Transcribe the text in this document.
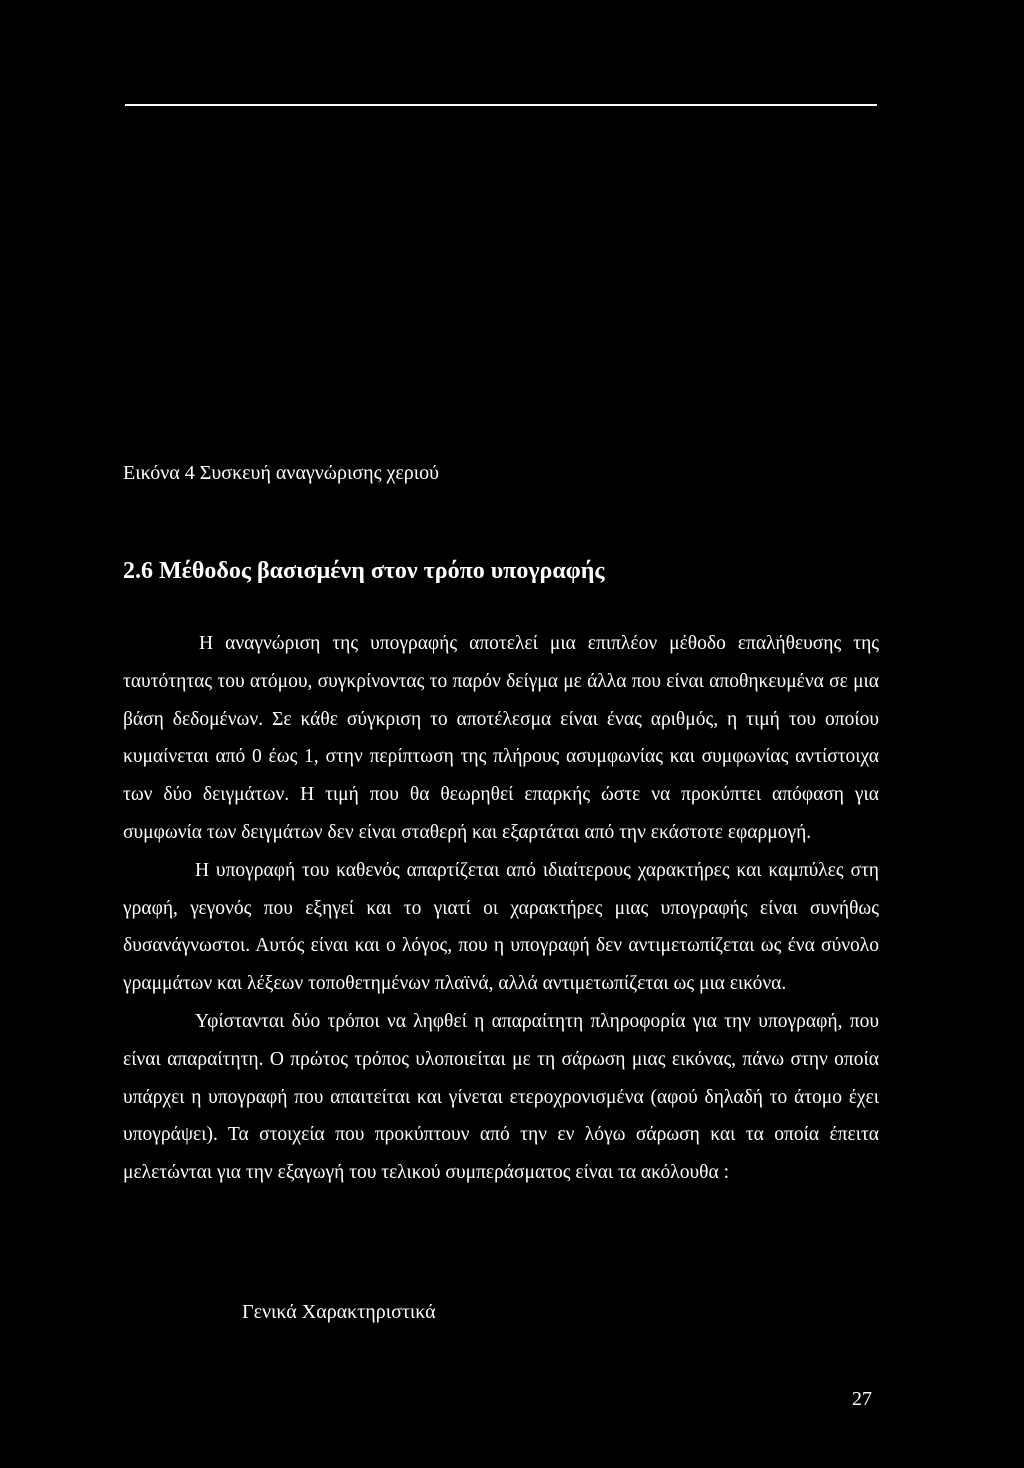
Εικόνα 4 Συσκευή αναγνώρισης χεριού
2.6 Μέθοδος βασισμένη στον τρόπο υπογραφής

Η αναγνώριση της υπογραφής αποτελεί μια επιπλέον μέθοδο επαλήθευσης της ταυτότητας του ατόμου, συγκρίνοντας το παρόν δείγμα με άλλα που είναι αποθηκευμένα σε μια βάση δεδομένων. Σε κάθε σύγκριση το αποτέλεσμα είναι ένας αριθμός, η τιμή του οποίου κυμαίνεται από 0 έως 1, στην περίπτωση της πλήρους ασυμφωνίας και συμφωνίας αντίστοιχα των δύο δειγμάτων. Η τιμή που θα θεωρηθεί επαρκής ώστε να προκύπτει απόφαση για συμφωνία των δειγμάτων δεν είναι σταθερή και εξαρτάται από την εκάστοτε εφαρμογή.

Η υπογραφή του καθενός απαρτίζεται από ιδιαίτερους χαρακτήρες και καμπύλες στη γραφή, γεγονός που εξηγεί και το γιατί οι χαρακτήρες μιας υπογραφής είναι συνήθως δυσανάγνωστοι. Αυτός είναι και ο λόγος, που η υπογραφή δεν αντιμετωπίζεται ως ένα σύνολο γραμμάτων και λέξεων τοποθετημένων πλαϊνά, αλλά αντιμετωπίζεται ως μια εικόνα.

Υφίστανται δύο τρόποι να ληφθεί η απαραίτητη πληροφορία για την υπογραφή, που είναι απαραίτητη. Ο πρώτος τρόπος υλοποιείται με τη σάρωση μιας εικόνας, πάνω στην οποία υπάρχει η υπογραφή που απαιτείται και γίνεται ετεροχρονισμένα (αφού δηλαδή το άτομο έχει υπογράψει). Τα στοιχεία που προκύπτουν από την εν λόγω σάρωση και τα οποία έπειτα μελετώνται για την εξαγωγή του τελικού συμπεράσματος είναι τα ακόλουθα :

Γενικά Χαρακτηριστικά
27
